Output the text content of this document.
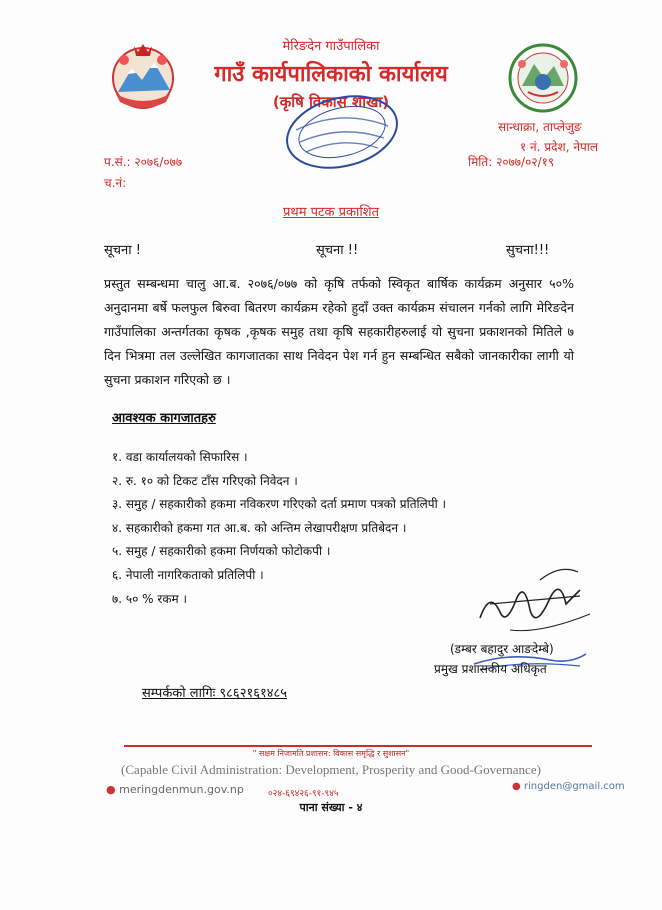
मेरिङदेन गाउँपालिका
गाउँ कार्यपालिकाको कार्यालय
(कृषि विकास शाखा)
सान्धाक्रा, ताप्लेजुङ
१ नं. प्रदेश, नेपाल
प.सं.: २०७६/०७७
च.नं:
मिति: २०७७/०२/१९
प्रथम पटक प्रकाशित
सूचना !	सूचना !!	सुचना!!!
प्रस्तुत सम्बन्धमा चालु आ.ब. २०७६/०७७ को कृषि तर्फको स्विकृत बार्षिक कार्यक्रम अनुसार ५०% अनुदानमा बर्षे फलफुल बिरुवा बितरण कार्यक्रम रहेको हुदाँ उक्त कार्यक्रम संचालन गर्नको लागि मेरिङदेन गाउँपालिका अन्तर्गतका कृषक ,कृषक समुह तथा कृषि सहकारीहरुलाई यो सुचना प्रकाशनको मितिले ७ दिन भित्रमा तल उल्लेखित कागजातका साथ निवेदन पेश गर्न हुन सम्बन्धित सबैको जानकारीका लागी यो सुचना प्रकाशन गरिएको छ ।
आवश्यक कागजातहरु
१. वडा कार्यालयको सिफारिस ।
२. रु. १० को टिकट टाँस गरिएको निवेदन ।
३. समुह / सहकारीको हकमा नविकरण गरिएको दर्ता प्रमाण पत्रको प्रतिलिपी ।
४. सहकारीको हकमा गत आ.ब. को अन्तिम लेखापरीक्षण प्रतिबेदन ।
५. समुह / सहकारीको हकमा निर्णयको फोटोकपी ।
६. नेपाली नागरिकताको प्रतिलिपी ।
७. ५० % रकम ।
(डम्बर बहादुर आङदेम्बे)
प्रमुख प्रशासकीय अधिकृत
सम्पर्कको लागिः ९८६२१६१४८५
" सक्षम निजामति प्रशासन: विकास समृद्धि र सुशासन"
(Capable Civil Administration: Development, Prosperity and Good-Governance)
● meringdenmun.gov.np	०२४-६९४२६-९१-९४५
● ringden@gmail.com
पाना संख्या - ४
